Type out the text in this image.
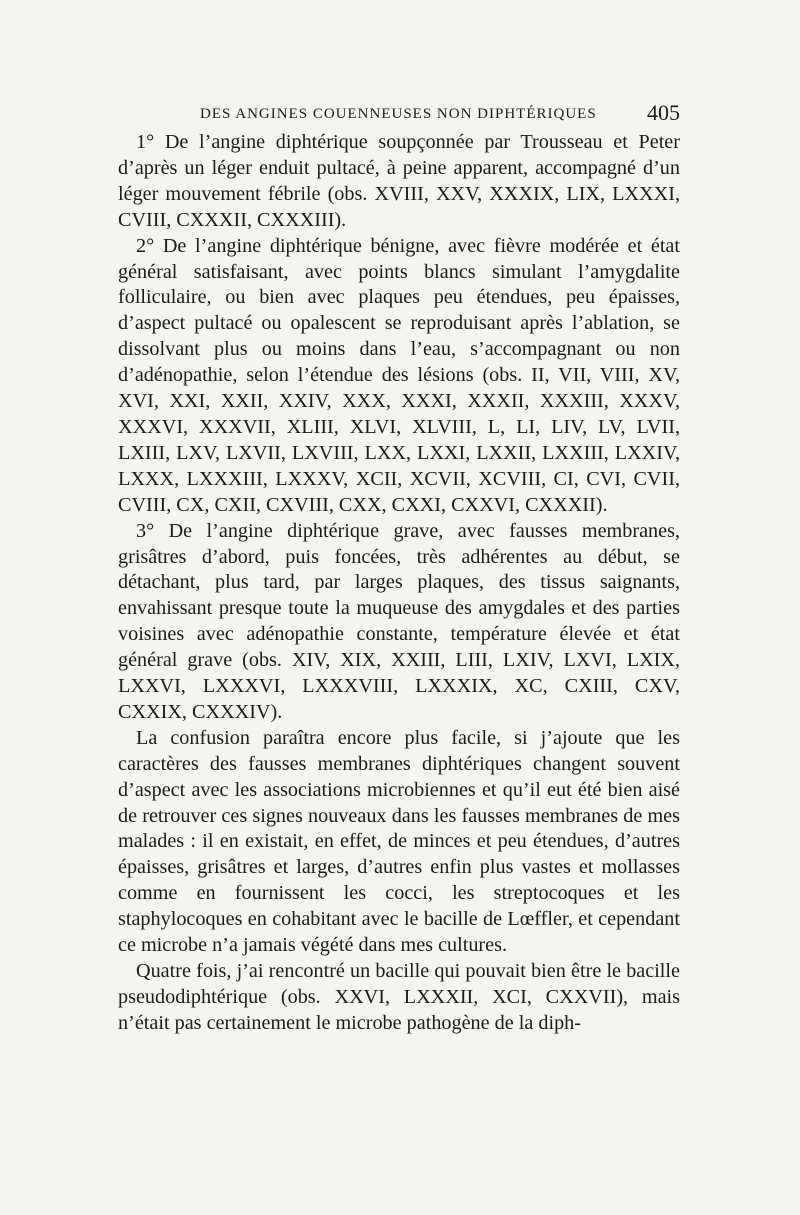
DES ANGINES COUENNEUSES NON DIPHTÉRIQUES 405

1° De l’angine diphtérique soupçonnée par Trousseau et Peter d’après un léger enduit pultacé, à peine apparent, accompagné d’un léger mouvement fébrile (obs. XVIII, XXV, XXXIX, LIX, LXXXI, CVIII, CXXXII, CXXXIII).

2° De l’angine diphtérique bénigne, avec fièvre modérée et état général satisfaisant, avec points blancs simulant l’amygdalite folliculaire, ou bien avec plaques peu étendues, peu épaisses, d’aspect pultacé ou opalescent se reproduisant après l’ablation, se dissolvant plus ou moins dans l’eau, s’accompagnant ou non d’adénopathie, selon l’étendue des lésions (obs. II, VII, VIII, XV, XVI, XXI, XXII, XXIV, XXX, XXXI, XXXII, XXXIII, XXXV, XXXVI, XXXVII, XLIII, XLVI, XLVIII, L, LI, LIV, LV, LVII, LXIII, LXV, LXVII, LXVIII, LXX, LXXI, LXXII, LXXIII, LXXIV, LXXX, LXXXIII, LXXXV, XCII, XCVII, XCVIII, CI, CVI, CVII, CVIII, CX, CXII, CXVIII, CXX, CXXI, CXXVI, CXXXII).

3° De l’angine diphtérique grave, avec fausses membranes, grisâtres d’abord, puis foncées, très adhérentes au début, se détachant, plus tard, par larges plaques, des tissus saignants, envahissant presque toute la muqueuse des amygdales et des parties voisines avec adénopathie constante, température élevée et état général grave (obs. XIV, XIX, XXIII, LIII, LXIV, LXVI, LXIX, LXXVI, LXXXVI, LXXXVIII, LXXXIX, XC, CXIII, CXV, CXXIX, CXXXIV).

La confusion paraîtra encore plus facile, si j’ajoute que les caractères des fausses membranes diphtériques changent souvent d’aspect avec les associations microbiennes et qu’il eut été bien aisé de retrouver ces signes nouveaux dans les fausses membranes de mes malades : il en existait, en effet, de minces et peu étendues, d’autres épaisses, grisâtres et larges, d’autres enfin plus vastes et mollasses comme en fournissent les cocci, les streptocoques et les staphylocoques en cohabitant avec le bacille de Lœffler, et cependant ce microbe n’a jamais végété dans mes cultures.

Quatre fois, j’ai rencontré un bacille qui pouvait bien être le bacille pseudodiphtérique (obs. XXVI, LXXXII, XCI, CXXVII), mais n’était pas certainement le microbe pathogène de la diph-
